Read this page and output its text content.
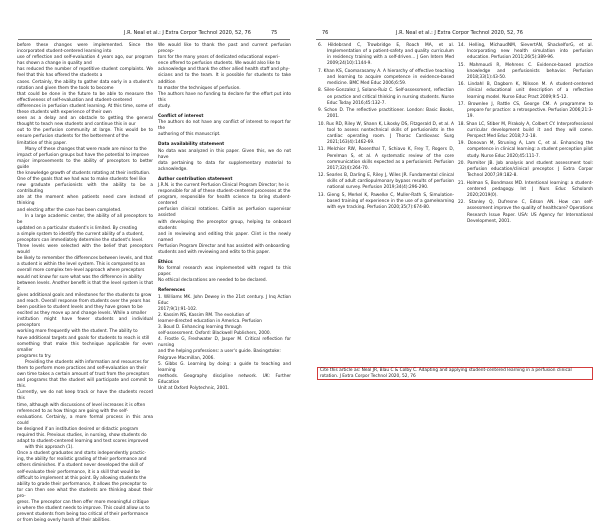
J.R. Neal et al.: J Extra Corpor Technol 2020, 52, 76	75

before these changes were implemented. Since the incorporated student-centered learning into

use of reflection and self-evaluation 4 years ago, our program has shown a change in quality and

has reduced the number of repetitive student complaints. We feel that this has offered the students a

cases. Certainly, the ability to gather data early in a student's rotation and given them the tools to become

that could be done in the future to be able to measure the effectiveness of self-evaluation and student-centered

differences in perfusion student learning. At this time, some of these students with experience of their own

seen as a delay and an obstacle to getting the general thought to teach new students and continue this in our

out to the perfusion community at large. This would be to ensure perfusion students for the betterment of the

limitation of this paper.

Many of these changes that were made are minor to the

impact of perfusion groups but have the potential to improve

major improvements to the ability of preceptors to better guide

the knowledge growth of students rotating at their institution.

One of the goals that we had was to make students feel like

new graduate perfusionists with the ability to be a contributing

ate at the moment when patients need care instead of thinking

and electing after the case has been completed.

In a large academic center, the ability of all preceptors to be

updated on a particular student's is limited. By creating

a simple system to identify the current ability of a student,

preceptors can immediately determine the student's level.

Three levels were selected with the belief that preceptors would

be likely to remember the differences between levels, and that

a student is within the level system. This is compared to an

overall more complex ten-level approach where preceptors

would not know for sure what was the difference in ability

between levels. Another benefit is that the level system is that it

gives additional goals and milestones for the students to grow

and reach. Overall response from students over the years has

been positive to student levels and they have grown to be

excited as they move up and change levels. While a smaller

institution might have fewer students and individual preceptors

working more frequently with the student. The ability to

have additional targets and goals for students to reach is still

something that make this technique applicable for even smaller

programs to try.

Providing the students with information and resources for

them to perform more practices and self-evaluation on their

own time takes a certain amount of trust from the preceptors

and programs that the student will participate and commit to this.

Currently, we do not keep track or have the students record this

time, although with discussions of level increases it is often

referenced to as how things are going with the self-

evaluations. Certainly, a more formal process in this area could

be designed if an institution desired or didactic program

required this. Previous studies, in nursing, show students do

adapt to student-centered learning and test scores improved

with this approach (1).

Once a student graduates and starts independently practic-

ing, the ability for realistic grading of their performance and

others diminishes. If a student never developed the skill of

self-evaluate their performance, it is a skill that would be

difficult to implement at this point. By allowing students the

ability to grade their performance, it allows the preceptor to

tor can then see what the students are thinking about their pro-

gress. The preceptor can then offer more meaningful critique

in where the student needs to improve. This could allow us to

prevent students from being too critical of their performance

or from being overly harsh of their abilities.

We would like to thank the past and current perfusion precep-

tors for the many years of dedicated educational experi-

ence offered to perfusion students. We would also like to

acknowledge and thank the other allied health staff and phy-

sicians and to the team. It is possible for students to take addition

to master the techniques of perfusion.

The authors have no funding to declare for the effort put into this

study.

Conflict of interest

The authors do not have any conflict of interest to report for the

authoring of this manuscript.

Data availability statement

No data was analyzed in this paper. Given this, we do not have

data pertaining to data for supplementary material to acknowledge.

Author contribution statement

J.R.N. is the current Perfusion Clinical Program Director; he is

responsible for all of these student-centered processes at the

program, responsible for health science to bring student-centered

perfusion clinical rotations. Caitlin as perfusion supervisor assisted

with developing the preceptor group, helping to onboard students

and in reviewing and editing this paper. Clint is the newly named

Perfusion Program Director and has assisted with onboarding

students and with reviewing and edits to this paper.

Ethics

No formal research was implemented with regard to this paper.

No ethical declarations are needed to be declared.

References

1. Williams MK. John Dewey in the 21st century. J Inq Action Educ

2017;9(1):91-102.

2. Kassim NS, Kassim RM. The evolution of

learner-directed education in America. Perfusion

3. Boud D. Enhancing learning through

self-assessment. Oxford: Blackwell Publishers, 2000.

4. Frostle G, Freshwater D, Jasper M. Critical reflection for nursing

and the helping professions: a user's guide. Basingstoke:

Palgrave Macmillan, 2006.

5. Gibbs G. Learning by doing: a guide to teaching and learning

methods. Geography discipline network. UK: Further Education

Unit at Oxford Polytechnic, 2001.

76	J.R. Neal et al.: J Extra Corpor Technol 2020, 52, 76

6. Hildebrand C, Trowbridge E, Roach MA, et al. Implementation of a patient-safety and quality curriculum in residency training with a self-driven... J Gen Intern Med 2009;24(10):1144-9.

7. Khan KS, Coomarasamy A. A hierarchy of effective teaching and learning to acquire competence in evidence-based medicine. BMC Med Educ 2006;6:59.

8. Siles-Gonzalez J, Solano-Ruiz C. Self-assessment, reflection on practice and critical thinking in nursing students. Nurse Educ Today 2016;45:132-7.

9. Schon D. The reflective practitioner. London: Basic Books, 2001.

10. Rus RD, Riley W, Shann K, Likosky DS, Fitzgerald D, et al. A tool to assess nontechnical skills of perfusionists in the cardiac operating room. J Thorac Cardiovasc Surg 2021;163(4):1462-69.

11. Melchior RW, Rosenthal T, Schiavo K, Frey T, Rogers D, Perelman S, et al. A systematic review of the core communication skills expected as a perfusionist. Perfusion 2017;32(4):264-70.

12. Searles B, Darling E, Riley J, Wiles JR. Fundamental clinical skills of adult cardiopulmonary bypass results of perfusion national survey. Perfusion 2019;34(4):296-290.

13. Gieng S, Merkel K, Pawelke C, Muller-Rath S, Simulation-based training of experience in the use of a gamelearning with eye tracking. Perfusion 2020;35(7):674-80.

14. Helling, MichaudNM, SievertAN, ShackelforG, et al. Incorporating new health simulation into perfusion education. Perfusion 2011;26(5):389-96.

15. Mahmoudi R, Mehrens C. Evidence-based practice knowledge and perfusionists behavior. Perfusion 2018;33(1):43-50.

16. Lindahl B, Dagborn K, Nilsson M. A student-centered clinical educational unit description of a reflective learning model. Nurse Educ Pract 2009;9:5-12.

17. Brownlee J, Rattle CS, George CM. A programme to prepare for practice: a retrospective. Perfusion 2006;21:3-19.

18. Shan LC, Stiber M, Pirakoly A, Colbert CY. Interprofessional curricular development build it and they will come. Perspect Med Educ 2018;7:2-18.

19. Donovan M, Struning A, Lam C, et al. Enhancing the competence in clinical learning: a student perception pilot study. Nurse Educ 2020;45:111-7.

20. Parmiter JB. Job analysis and student assessment tool: perfusion education/clinical preceptor. J Extra Corpor Technol 2007;39:182-8.

21. Holman S, Bondmass MD. Intentional learning: a student-centered pedagogy. Int J Nurs Educ Scholarsh 2020;2019(0).

22. Stanley Q, Dufresne C, Edson AN. How can self-assessment improve the quality of healthcare? Operations Research Issue Paper. USA: US Agency for International Development, 2001.

Cite this article as: Neal JR, Blau C & Colby C. Adapting and applying student-centered learning in a perfusion clinical rotation. J Extra Corpor Technol 2020, 52, 76
